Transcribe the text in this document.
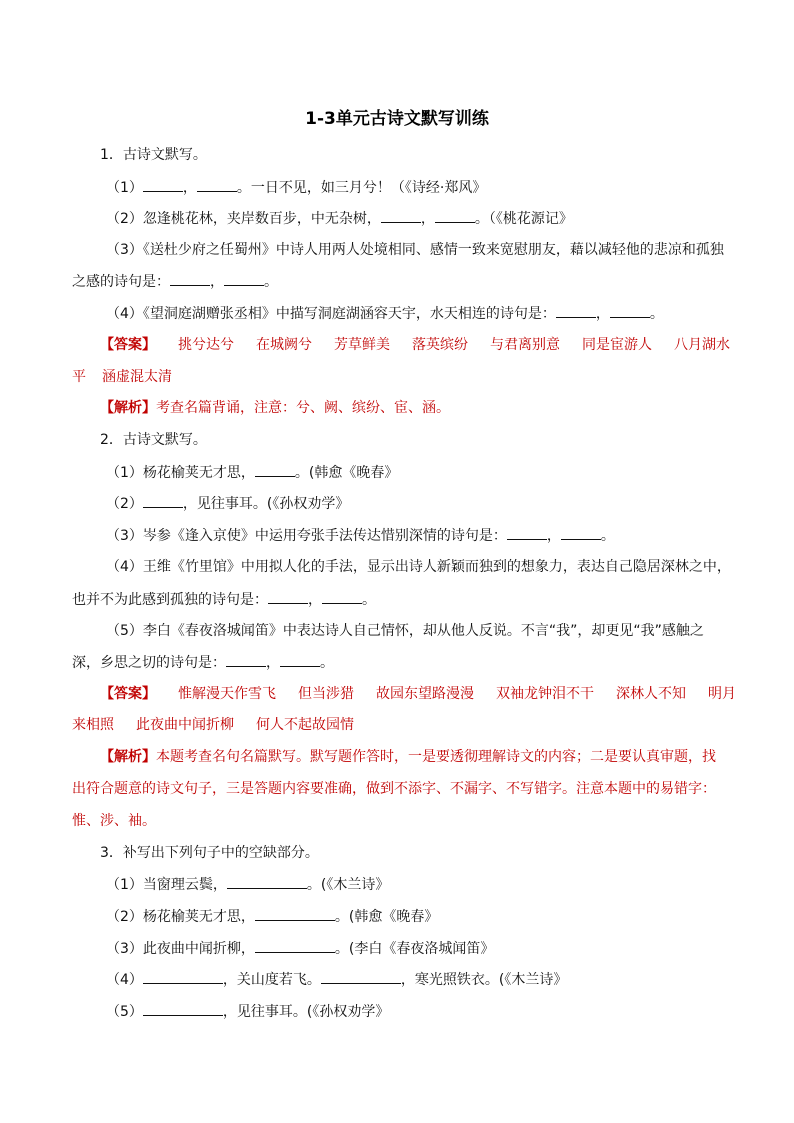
1-3单元古诗文默写训练
1．古诗文默写。
（1）	，	。一日不见，如三月兮！（《诗经·郑风》
（2）忽逢桃花林，夹岸数百步，中无杂树，	，	。（《桃花源记》
（3）《送杜少府之任蜀州》中诗人用两人处境相同、感情一致来宽慰朋友，藉以减轻他的悲凉和孤独
之感的诗句是：	，	。
（4）《望洞庭湖赠张丞相》中描写洞庭湖涵容天宇，水天相连的诗句是：	，	。
【答案】 挑兮达兮 在城阙兮 芳草鲜美 落英缤纷 与君离别意 同是宦游人 八月湖水
平 涵虚混太清
【解析】考查名篇背诵，注意：兮、阙、缤纷、宦、涵。
2．古诗文默写。
（1）杨花榆荚无才思，	。(韩愈《晚春》
（2）	，见往事耳。(《孙权劝学》
（3）岑参《逢入京使》中运用夸张手法传达惜别深情的诗句是：	，	。
（4）王维《竹里馆》中用拟人化的手法，显示出诗人新颖而独到的想象力，表达自己隐居深林之中，
也并不为此感到孤独的诗句是：	，	。
（5）李白《春夜洛城闻笛》中表达诗人自己情怀，却从他人反说。不言“我”，却更见“我”感触之
深，乡思之切的诗句是：	，	。
【答案】 惟解漫天作雪飞 但当涉猎 故园东望路漫漫 双袖龙钟泪不干 深林人不知 明月
来相照 此夜曲中闻折柳 何人不起故园情
【解析】本题考查名句名篇默写。默写题作答时，一是要透彻理解诗文的内容；二是要认真审题，找
出符合题意的诗文句子，三是答题内容要准确，做到不添字、不漏字、不写错字。注意本题中的易错字：
惟、涉、袖。
3．补写出下列句子中的空缺部分。
（1）当窗理云鬓，	。(《木兰诗》
（2）杨花榆荚无才思，	。(韩愈《晚春》
（3）此夜曲中闻折柳，	。(李白《春夜洛城闻笛》
（4）	，关山度若飞。	，寒光照铁衣。(《木兰诗》
（5）	，见往事耳。(《孙权劝学》
